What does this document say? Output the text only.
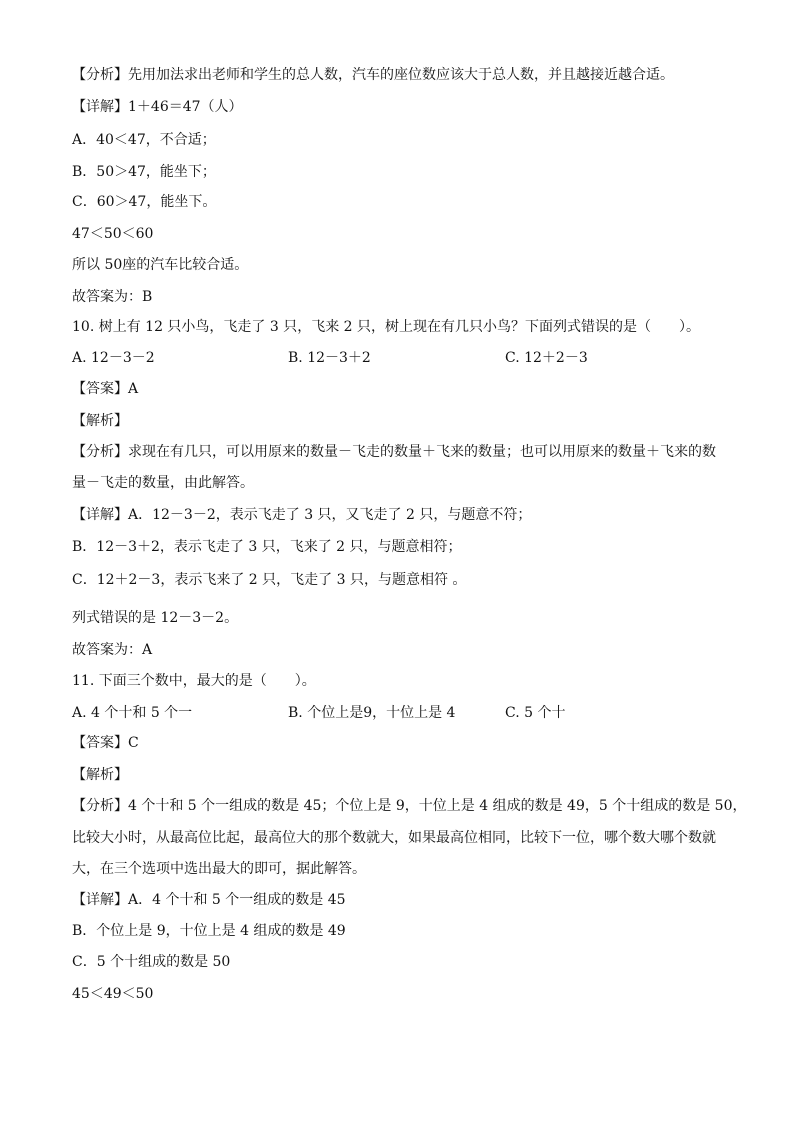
【分析】先用加法求出老师和学生的总人数，汽车的座位数应该大于总人数，并且越接近越合适。
【详解】1＋46＝47（人）
A．40＜47，不合适；
B．50＞47，能坐下；
C．60＞47，能坐下。
47＜50＜60
所以 50座的汽车比较合适。
故答案为：B
10. 树上有 12 只小鸟，飞走了 3 只，飞来 2 只，树上现在有几只小鸟？下面列式错误的是（　　）。
A. 12－3－2	B. 12－3＋2	C. 12＋2－3
【答案】A
【解析】
【分析】求现在有几只，可以用原来的数量－飞走的数量＋飞来的数量；也可以用原来的数量＋飞来的数
量－飞走的数量，由此解答。
【详解】A．12－3－2，表示飞走了 3 只，又飞走了 2 只，与题意不符；
B．12－3＋2，表示飞走了 3 只，飞来了 2 只，与题意相符；
C．12＋2－3，表示飞来了 2 只，飞走了 3 只，与题意相符 。
列式错误的是 12－3－2。
故答案为：A
11. 下面三个数中，最大的是（　　）。
A. 4 个十和 5 个一	B. 个位上是9，十位上是 4	C. 5 个十
【答案】C
【解析】
【分析】4 个十和 5 个一组成的数是 45；个位上是 9，十位上是 4 组成的数是 49，5 个十组成的数是 50，
比较大小时，从最高位比起，最高位大的那个数就大，如果最高位相同，比较下一位，哪个数大哪个数就
大，在三个选项中选出最大的即可，据此解答。
【详解】A．4 个十和 5 个一组成的数是 45
B．个位上是 9，十位上是 4 组成的数是 49
C．5 个十组成的数是 50
45＜49＜50
